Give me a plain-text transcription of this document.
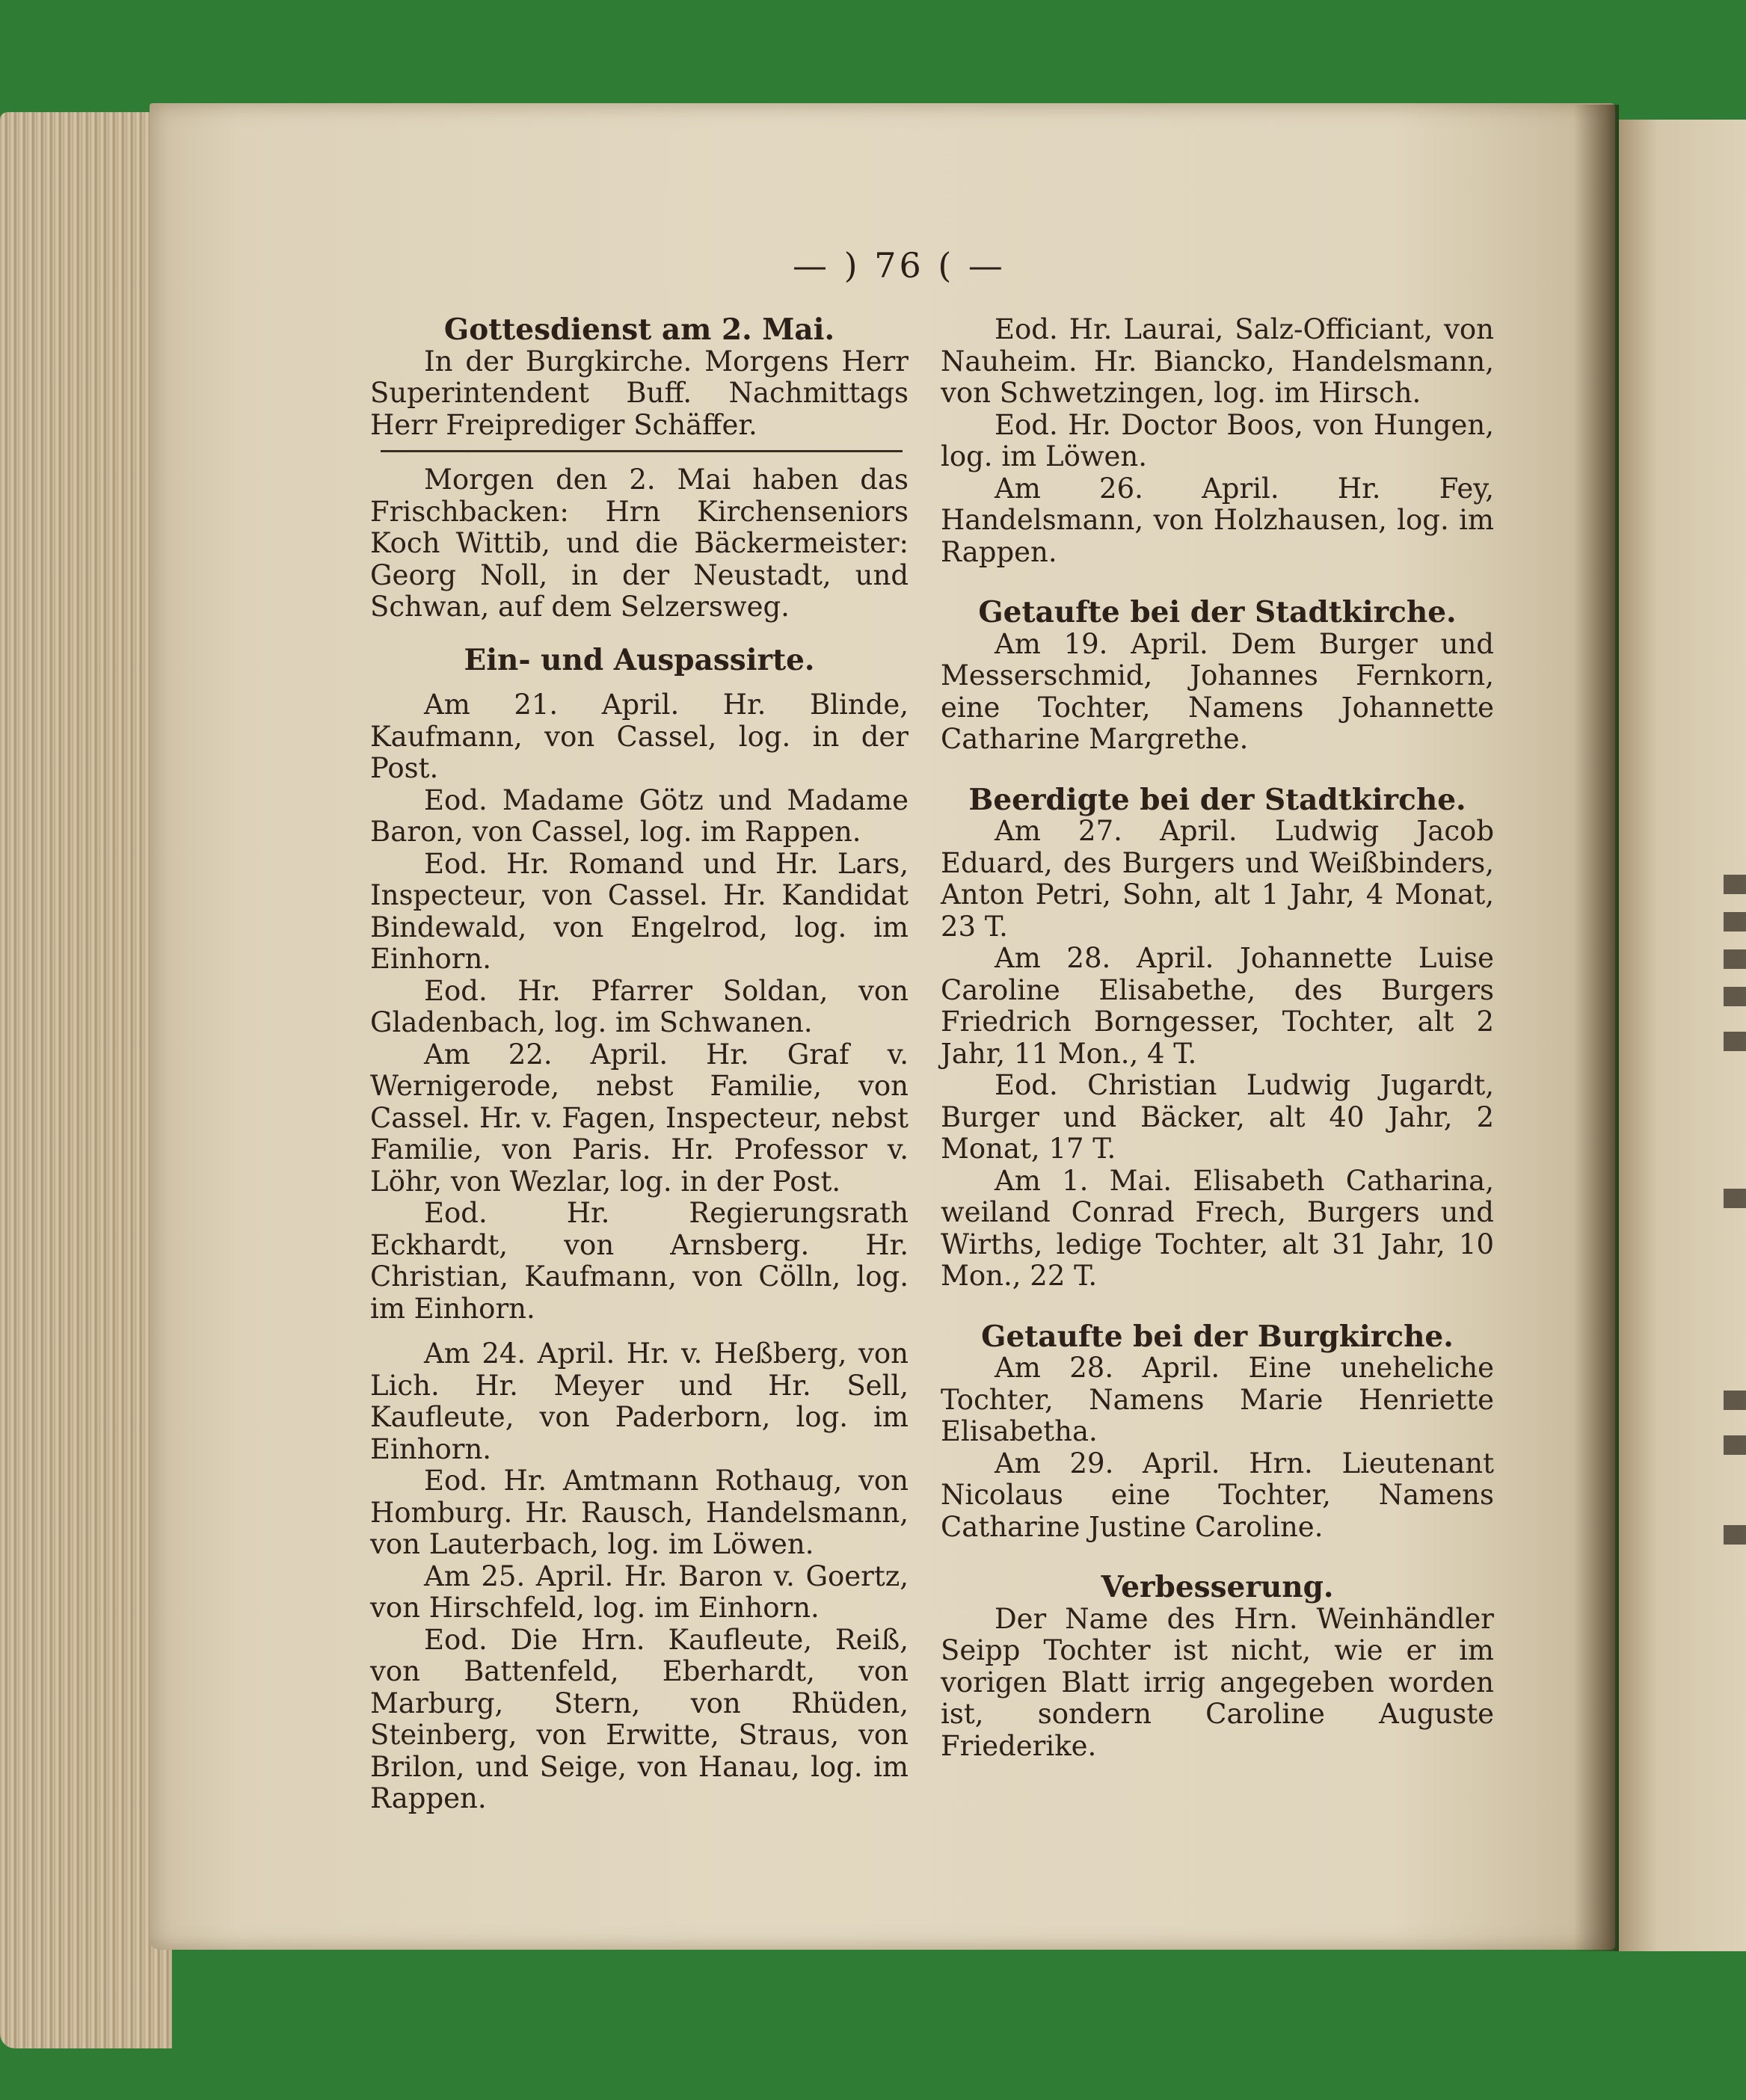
— ) 76 ( —

Gottesdienst am 2. Mai.

In der Burgkirche. Morgens Herr Superintendent Buff. Nachmittags Herr Freiprediger Schäffer.

Morgen den 2. Mai haben das Frischbacken: Hrn Kirchenseniors Koch Wittib, und die Bäckermeister: Georg Noll, in der Neustadt, und Schwan, auf dem Selzersweg.

Ein- und Auspassirte.

Am 21. April. Hr. Blinde, Kaufmann, von Cassel, log. in der Post.

Eod. Madame Götz und Madame Baron, von Cassel, log. im Rappen.

Eod. Hr. Romand und Hr. Lars, Inspecteur, von Cassel. Hr. Kandidat Bindewald, von Engelrod, log. im Einhorn.

Eod. Hr. Pfarrer Soldan, von Gladenbach, log. im Schwanen.

Am 22. April. Hr. Graf v. Wernigerode, nebst Familie, von Cassel. Hr. v. Fagen, Inspecteur, nebst Familie, von Paris. Hr. Professor v. Löhr, von Wezlar, log. in der Post.

Eod. Hr. Regierungsrath Eckhardt, von Arnsberg. Hr. Christian, Kaufmann, von Cölln, log. im Einhorn.

Am 24. April. Hr. v. Heßberg, von Lich. Hr. Meyer und Hr. Sell, Kaufleute, von Paderborn, log. im Einhorn.

Eod. Hr. Amtmann Rothaug, von Homburg. Hr. Rausch, Handelsmann, von Lauterbach, log. im Löwen.

Am 25. April. Hr. Baron v. Goertz, von Hirschfeld, log. im Einhorn.

Eod. Die Hrn. Kaufleute, Reiß, von Battenfeld, Eberhardt, von Marburg, Stern, von Rhüden, Steinberg, von Erwitte, Straus, von Brilon, und Seige, von Hanau, log. im Rappen.

Eod. Hr. Laurai, Salz-Officiant, von Nauheim. Hr. Biancko, Handelsmann, von Schwetzingen, log. im Hirsch.

Eod. Hr. Doctor Boos, von Hungen, log. im Löwen.

Am 26. April. Hr. Fey, Handelsmann, von Holzhausen, log. im Rappen.

Getaufte bei der Stadtkirche.

Am 19. April. Dem Burger und Messerschmid, Johannes Fernkorn, eine Tochter, Namens Johannette Catharine Margrethe.

Beerdigte bei der Stadtkirche.

Am 27. April. Ludwig Jacob Eduard, des Burgers und Weißbinders, Anton Petri, Sohn, alt 1 Jahr, 4 Monat, 23 T.

Am 28. April. Johannette Luise Caroline Elisabethe, des Burgers Friedrich Borngesser, Tochter, alt 2 Jahr, 11 Mon., 4 T.

Eod. Christian Ludwig Jugardt, Burger und Bäcker, alt 40 Jahr, 2 Monat, 17 T.

Am 1. Mai. Elisabeth Catharina, weiland Conrad Frech, Burgers und Wirths, ledige Tochter, alt 31 Jahr, 10 Mon., 22 T.

Getaufte bei der Burgkirche.

Am 28. April. Eine uneheliche Tochter, Namens Marie Henriette Elisabetha.

Am 29. April. Hrn. Lieutenant Nicolaus eine Tochter, Namens Catharine Justine Caroline.

Verbesserung.

Der Name des Hrn. Weinhändler Seipp Tochter ist nicht, wie er im vorigen Blatt irrig angegeben worden ist, sondern Caroline Auguste Friederike.
